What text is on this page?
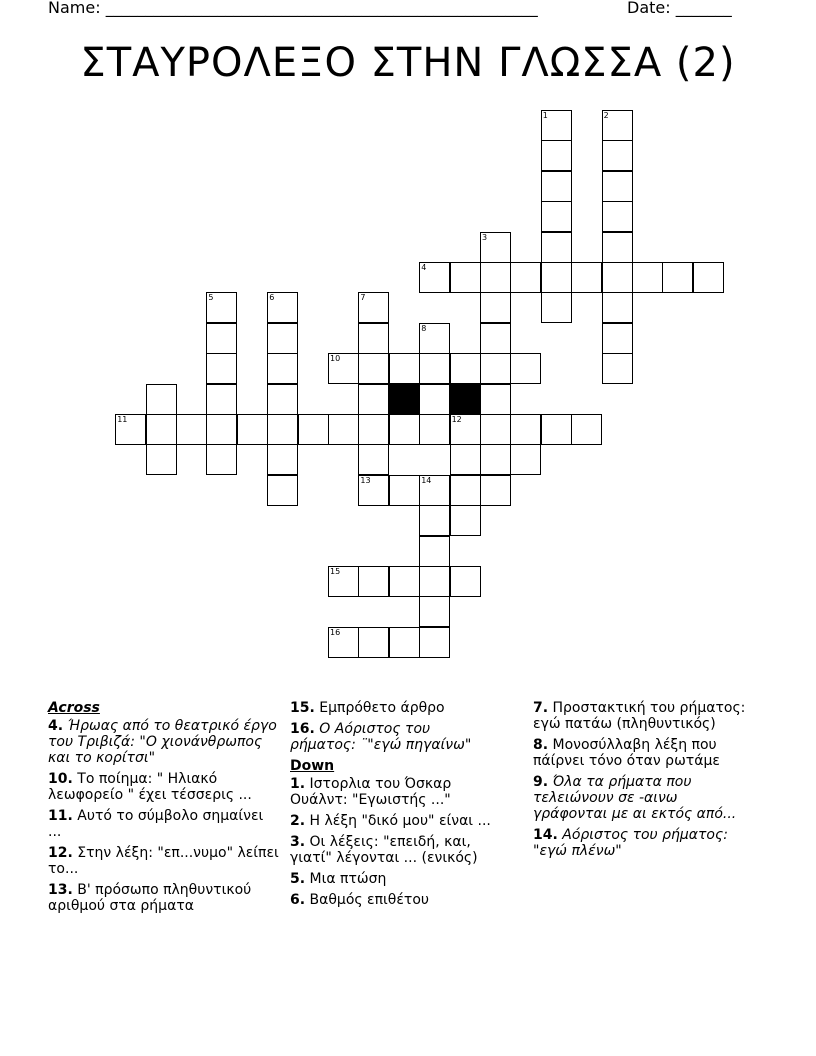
Name: ______________________________________________________	Date: _______
ΣΤΑΥΡΟΛΕΞΟ ΣΤΗΝ ΓΛΩΣΣΑ (2)
1	2
3
4
5	6	7
13
8
10
11	12
14
15
16
Across
4. Ήρωας από το θεατρικό έργο του Τριβιζά: "Ο χιονάνθρωπος και το κορίτσι"
10. Το ποίημα: " Ηλιακό λεωφορείο " έχει τέσσερις ...
11. Αυτό το σύμβολο σημαίνει ...
12. Στην λέξη: "επ...νυμο" λείπει το...
13. Β' πρόσωπο πληθυντικού αριθμού στα ρήματα
15. Εμπρόθετο άρθρο
16. Ο Αόριστος του ρήματος: ¨"εγώ πηγαίνω"
Down
1. Ιστορλια του Όσκαρ Ουάλντ: "Εγωιστής ..."
2. Η λέξη "δικό μου" είναι ...
3. Οι λέξεις: "επειδή, και, γιατί" λέγονται ... (ενικός)
5. Μια πτώση
6. Βαθμός επιθέτου
7. Προστακτική του ρήματος: εγώ πατάω (πληθυντικός)
8. Μονοσύλλαβη λέξη που πάίρνει τόνο όταν ρωτάμε
9. Όλα τα ρήματα που τελειώνουν σε -αινω γράφονται με αι εκτός από...
14. Αόριστος του ρήματος: "εγώ πλένω"
